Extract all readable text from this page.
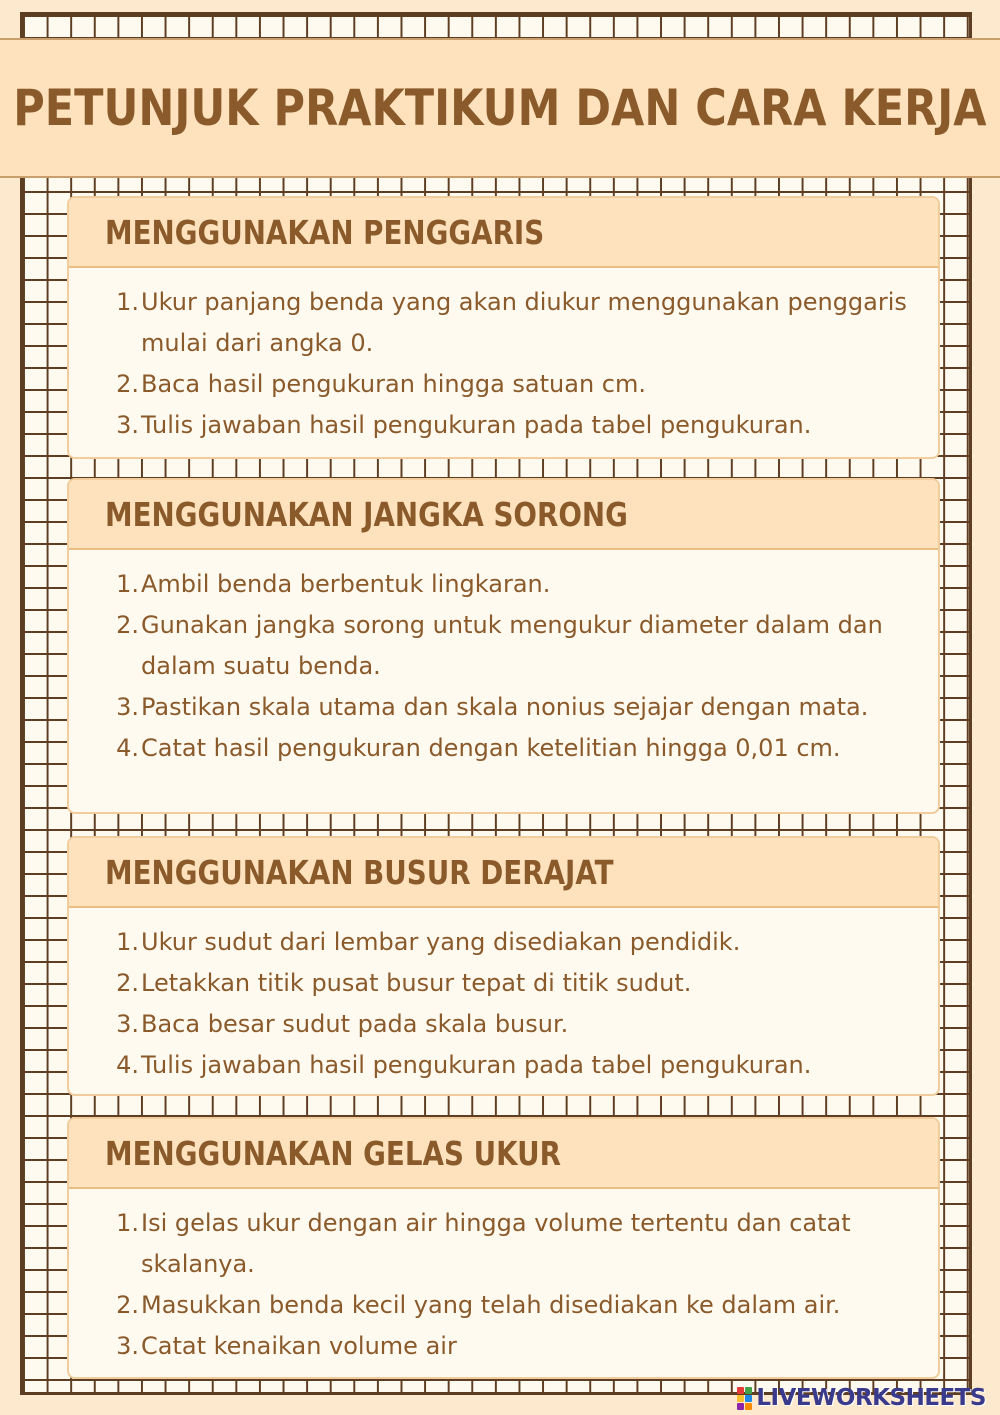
PETUNJUK PRAKTIKUM DAN CARA KERJA
MENGGUNAKAN PENGGARIS
1. Ukur panjang benda yang akan diukur menggunakan penggaris mulai dari angka 0.
2. Baca hasil pengukuran hingga satuan cm.
3. Tulis jawaban hasil pengukuran pada tabel pengukuran.
MENGGUNAKAN JANGKA SORONG
1. Ambil benda berbentuk lingkaran.
2. Gunakan jangka sorong untuk mengukur diameter dalam dan dalam suatu benda.
3. Pastikan skala utama dan skala nonius sejajar dengan mata.
4. Catat hasil pengukuran dengan ketelitian hingga 0,01 cm.
MENGGUNAKAN BUSUR DERAJAT
1. Ukur sudut dari lembar yang disediakan pendidik.
2. Letakkan titik pusat busur tepat di titik sudut.
3. Baca besar sudut pada skala busur.
4. Tulis jawaban hasil pengukuran pada tabel pengukuran.
MENGGUNAKAN GELAS UKUR
1. Isi gelas ukur dengan air hingga volume tertentu dan catat skalanya.
2. Masukkan benda kecil yang telah disediakan ke dalam air.
3. Catat kenaikan volume air
LIVEWORKSHEETS
